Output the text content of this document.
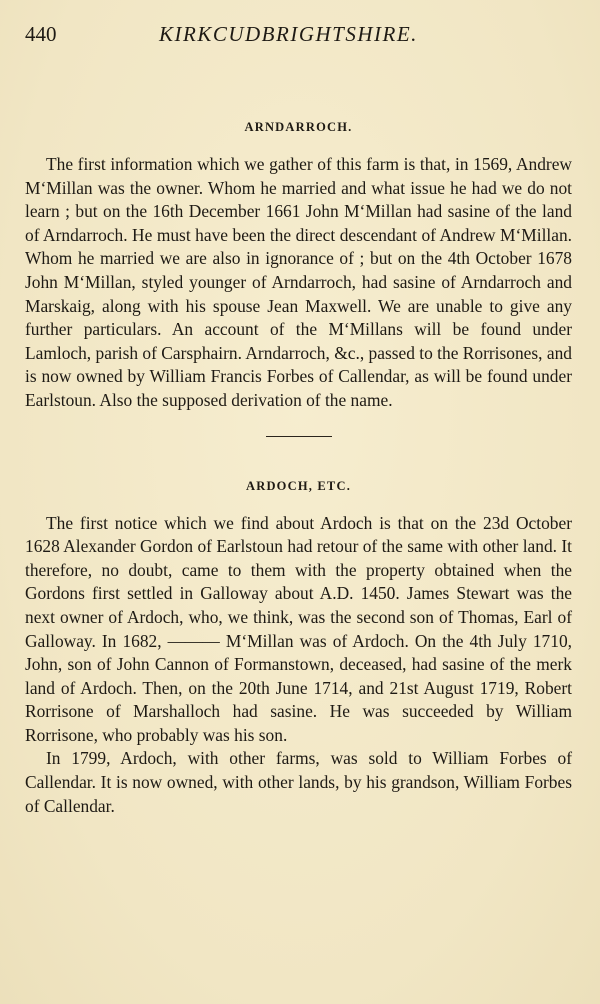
440	KIRKCUDBRIGHTSHIRE.
ARNDARROCH.

The first information which we gather of this farm is that, in 1569, Andrew M‘Millan was the owner. Whom he married and what issue he had we do not learn ; but on the 16th December 1661 John M‘Millan had sasine of the land of Arndarroch. He must have been the direct descendant of Andrew M‘Millan. Whom he married we are also in ignorance of ; but on the 4th October 1678 John M‘Millan, styled younger of Arndarroch, had sasine of Arndarroch and Marskaig, along with his spouse Jean Maxwell. We are unable to give any further particulars. An account of the M‘Millans will be found under Lamloch, parish of Carsphairn. Arndarroch, &c., passed to the Rorrisones, and is now owned by William Francis Forbes of Callendar, as will be found under Earlstoun. Also the supposed derivation of the name.

ARDOCH, ETC.

The first notice which we find about Ardoch is that on the 23d October 1628 Alexander Gordon of Earlstoun had retour of the same with other land. It therefore, no doubt, came to them with the property obtained when the Gordons first settled in Galloway about A.D. 1450. James Stewart was the next owner of Ardoch, who, we think, was the second son of Thomas, Earl of Galloway. In 1682, ——— M‘Millan was of Ardoch. On the 4th July 1710, John, son of John Cannon of Formanstown, deceased, had sasine of the merk land of Ardoch. Then, on the 20th June 1714, and 21st August 1719, Robert Rorrisone of Marshalloch had sasine. He was succeeded by William Rorrisone, who probably was his son.

In 1799, Ardoch, with other farms, was sold to William Forbes of Callendar. It is now owned, with other lands, by his grandson, William Forbes of Callendar.
